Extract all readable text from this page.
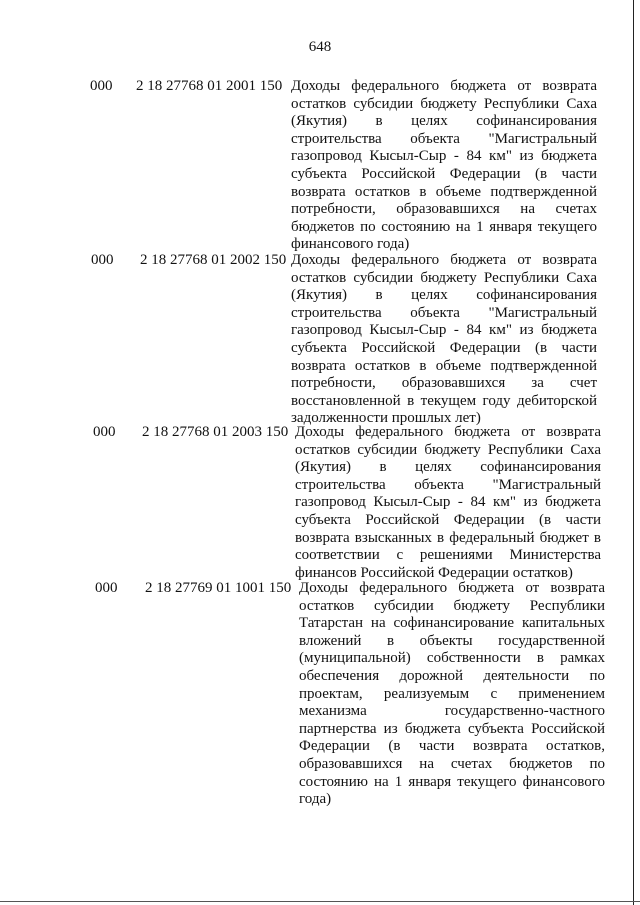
648
000 2 18 27768 01 2001 150 Доходы федерального бюджета от возврата
остатков субсидии бюджету Республики Саха
(Якутия) в целях софинансирования
строительства объекта "Магистральный
газопровод Кысыл-Сыр - 84 км" из бюджета
субъекта Российской Федерации (в части
возврата остатков в объеме подтвержденной
потребности, образовавшихся на счетах
бюджетов по состоянию на 1 января текущего
финансового года)
000 2 18 27768 01 2002 150 Доходы федерального бюджета от возврата
остатков субсидии бюджету Республики Саха
(Якутия) в целях софинансирования
строительства объекта "Магистральный
газопровод Кысыл-Сыр - 84 км" из бюджета
субъекта Российской Федерации (в части
возврата остатков в объеме подтвержденной
потребности, образовавшихся за счет
восстановленной в текущем году дебиторской
задолженности прошлых лет)
000 2 18 27768 01 2003 150 Доходы федерального бюджета от возврата
остатков субсидии бюджету Республики Саха
(Якутия) в целях софинансирования
строительства объекта "Магистральный
газопровод Кысыл-Сыр - 84 км" из бюджета
субъекта Российской Федерации (в части
возврата взысканных в федеральный бюджет в
соответствии с решениями Министерства
финансов Российской Федерации остатков)
000 2 18 27769 01 1001 150 Доходы федерального бюджета от возврата
остатков субсидии бюджету Республики
Татарстан на софинансирование капитальных
вложений в объекты государственной
(муниципальной) собственности в рамках
обеспечения дорожной деятельности по
проектам, реализуемым с применением
механизма государственно-частного
партнерства из бюджета субъекта Российской
Федерации (в части возврата остатков,
образовавшихся на счетах бюджетов по
состоянию на 1 января текущего финансового
года)
